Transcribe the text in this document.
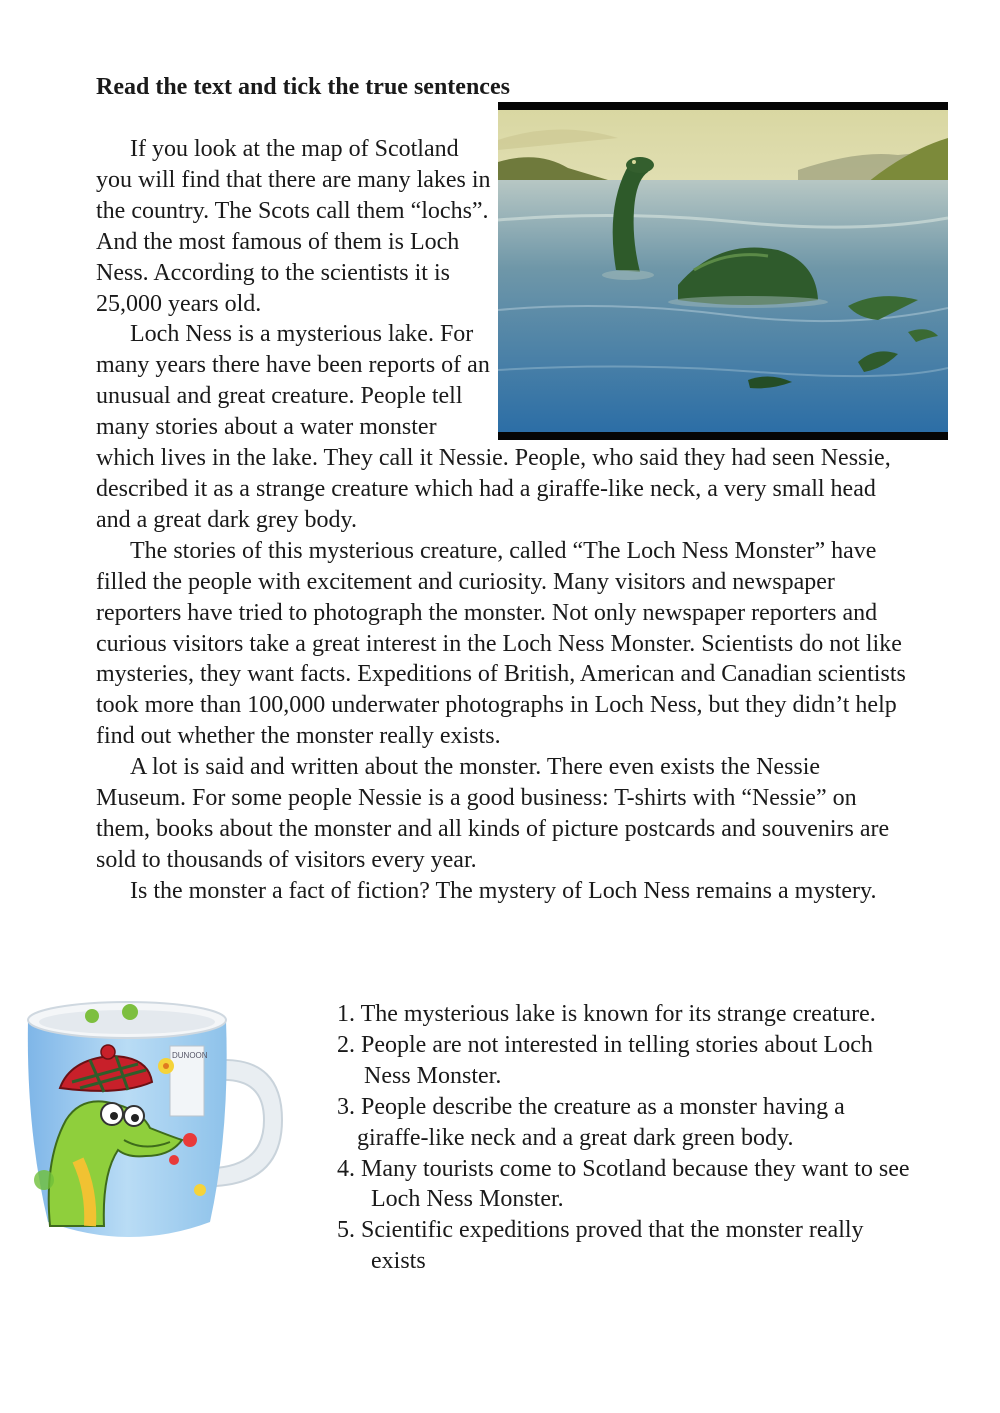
Read the text and tick the true sentences

If you look at the map of Scotland you will find that there are many lakes in the country. The Scots call them “lochs”. And the most famous of them is Loch Ness. According to the scientists it is 25,000 years old.

Loch Ness is a mysterious lake. For many years there have been reports of an unusual and great creature. People tell many stories about a water monster which lives in the lake. They call it Nessie. People, who said they had seen Nessie, described it as a strange creature which had a giraffe-like neck, a very small head and a great dark grey body.

The stories of this mysterious creature, called “The Loch Ness Monster” have filled the people with excitement and curiosity. Many visitors and newspaper reporters have tried to photograph the monster. Not only newspaper reporters and curious visitors take a great interest in the Loch Ness Monster. Scientists do not like mysteries, they want facts. Expeditions of British, American and Canadian scientists took more than 100,000 underwater photographs in Loch Ness, but they didn’t help find out whether the monster really exists.

A lot is said and written about the monster. There even exists the Nessie Museum. For some people Nessie is a good business: T-shirts with “Nessie” on them, books about the monster and all kinds of picture postcards and souvenirs are sold to thousands of visitors every year.

Is the monster a fact of fiction? The mystery of Loch Ness remains a mystery.

DUNOON
1. The mysterious lake is known for its strange creature.
2. People are not interested in telling stories about Loch Ness Monster.
3. People describe the creature as a monster having a giraffe-like neck and a great dark green body.
4. Many tourists come to Scotland because they want to see Loch Ness Monster.
5. Scientific expeditions proved that the monster really exists
